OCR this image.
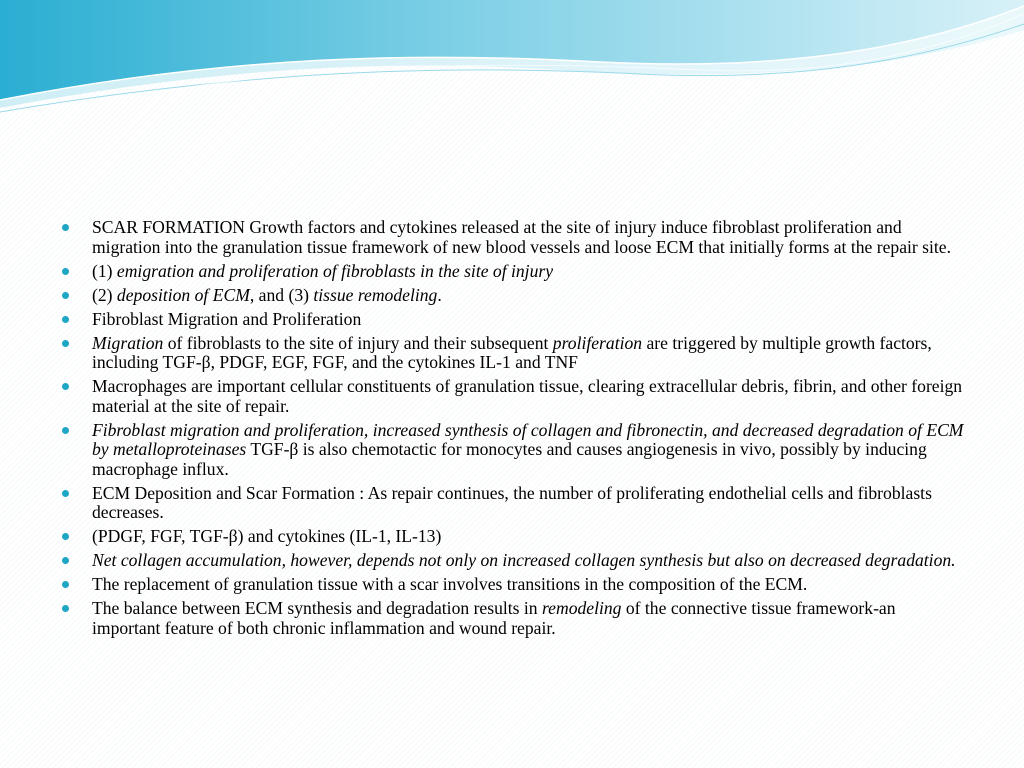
SCAR FORMATION Growth factors and cytokines released at the site of injury induce fibroblast proliferation and migration into the granulation tissue framework of new blood vessels and loose ECM that initially forms at the repair site.
(1) emigration and proliferation of fibroblasts in the site of injury
(2) deposition of ECM, and (3) tissue remodeling.
Fibroblast Migration and Proliferation
Migration of fibroblasts to the site of injury and their subsequent proliferation are triggered by multiple growth factors, including TGF-β, PDGF, EGF, FGF, and the cytokines IL-1 and TNF
Macrophages are important cellular constituents of granulation tissue, clearing extracellular debris, fibrin, and other foreign material at the site of repair.
Fibroblast migration and proliferation, increased synthesis of collagen and fibronectin, and decreased degradation of ECM by metalloproteinases TGF-β is also chemotactic for monocytes and causes angiogenesis in vivo, possibly by inducing macrophage influx.
ECM Deposition and Scar Formation : As repair continues, the number of proliferating endothelial cells and fibroblasts decreases.
(PDGF, FGF, TGF-β) and cytokines (IL-1, IL-13)
Net collagen accumulation, however, depends not only on increased collagen synthesis but also on decreased degradation.
The replacement of granulation tissue with a scar involves transitions in the composition of the ECM.
The balance between ECM synthesis and degradation results in remodeling of the connective tissue framework-an important feature of both chronic inflammation and wound repair.
